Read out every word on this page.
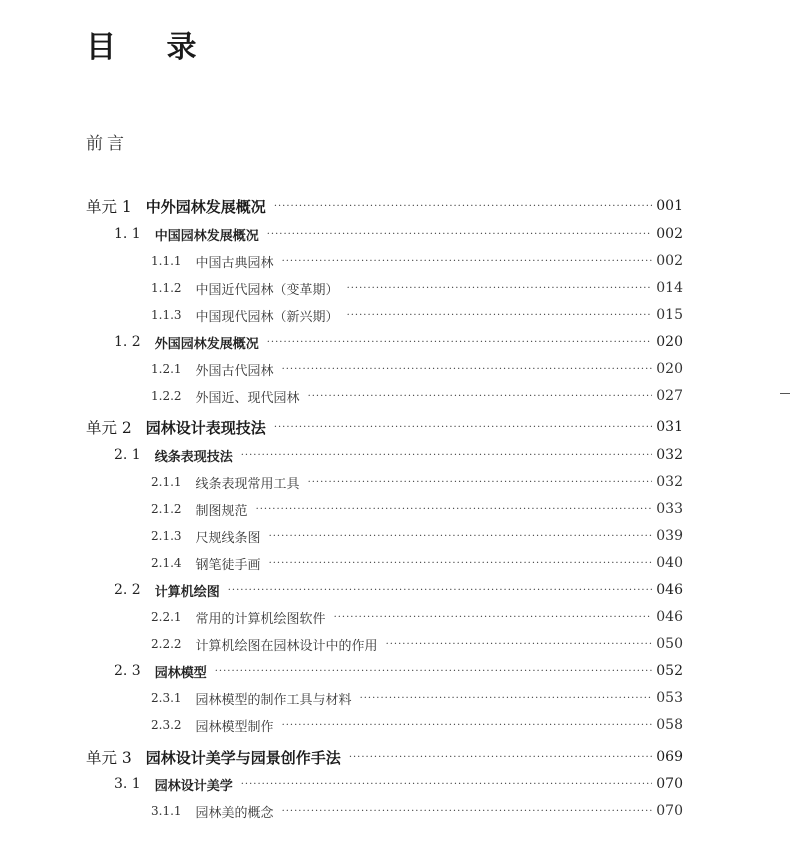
目 录
前言
单元 1 中外园林发展概况 ·····	001
1. 1 中国园林发展概况 ·····	002
1.1.1 中国古典园林 ·····	002
1.1.2 中国近代园林（变革期） ·····	014
1.1.3 中国现代园林（新兴期） ·····	015
1. 2 外国园林发展概况 ·····	020
1.2.1 外国古代园林 ·····	020
1.2.2 外国近、现代园林 ·····	027
单元 2 园林设计表现技法 ·····	031
2. 1 线条表现技法 ·····	032
2.1.1 线条表现常用工具 ·····	032
2.1.2 制图规范 ·····	033
2.1.3 尺规线条图 ·····	039
2.1.4 钢笔徒手画 ·····	040
2. 2 计算机绘图 ·····	046
2.2.1 常用的计算机绘图软件 ·····	046
2.2.2 计算机绘图在园林设计中的作用 ·····	050
2. 3 园林模型 ·····	052
2.3.1 园林模型的制作工具与材料 ·····	053
2.3.2 园林模型制作 ·····	058
单元 3 园林设计美学与园景创作手法 ·····	069
3. 1 园林设计美学 ·····	070
3.1.1 园林美的概念 ·····	070
